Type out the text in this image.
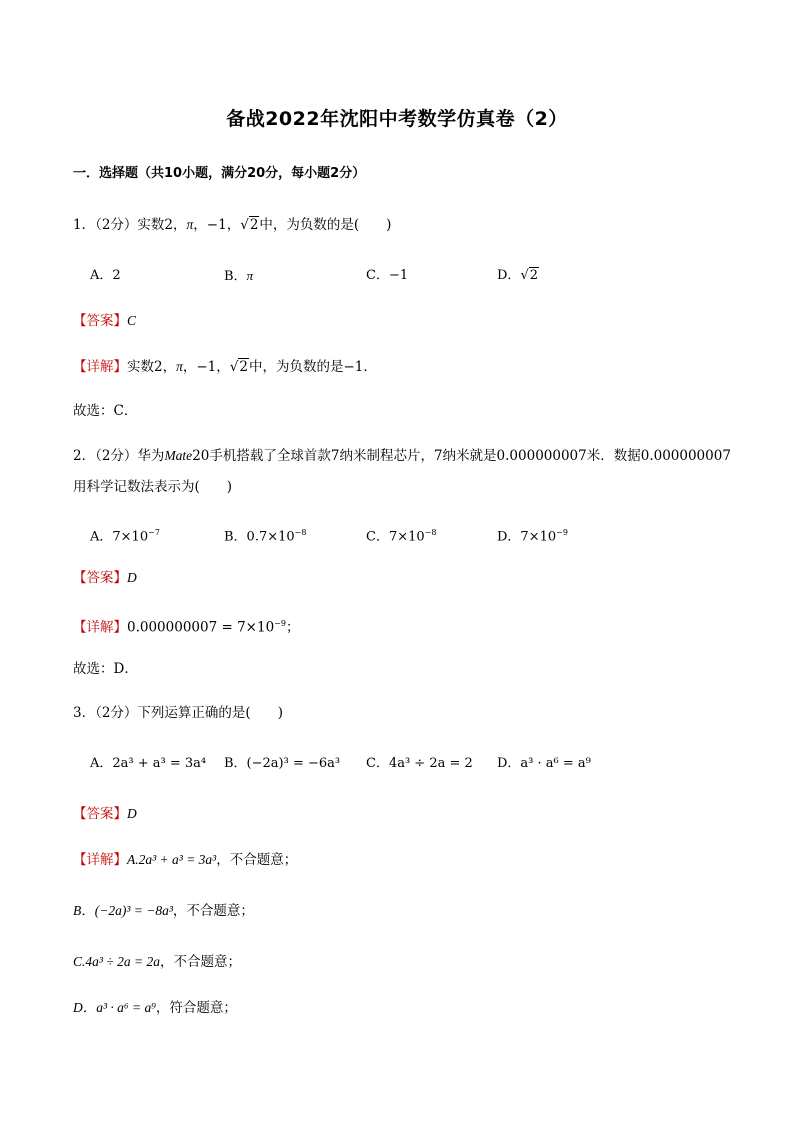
备战2022年沈阳中考数学仿真卷（2）
一．选择题（共10小题，满分20分，每小题2分）
1．（2分）实数2，π，−1，√2中，为负数的是(　　)
A．2	B．π	C．−1	D．√2
【答案】C
【详解】实数2，π，−1，√2中，为负数的是−1．
故选：C．
2．（2分）华为Mate20手机搭载了全球首款7纳米制程芯片，7纳米就是0.000000007米．数据0.000000007
用科学记数法表示为(　　)
A．$7\times 10^{-7}$	B．$0.7\times 10^{-8}$	C．$7\times 10^{-8}$	D．$7\times 10^{-9}$
【答案】D
【详解】$0.000000007 = 7\times 10^{-9}$；
故选：D．
3．（2分）下列运算正确的是(　　)
A．2a³ + a³ = 3a⁴ B．(−2a)³ = −6a³ C．4a³ ÷ 2a = 2 D．a³ · a⁶ = a⁹
【答案】D
【详解】A.2a³ + a³ = 3a³，不合题意；
B．(−2a)³ = −8a³，不合题意；
C.4a³ ÷ 2a = 2a，不合题意；
D．a³ · a⁶ = a⁹，符合题意；
